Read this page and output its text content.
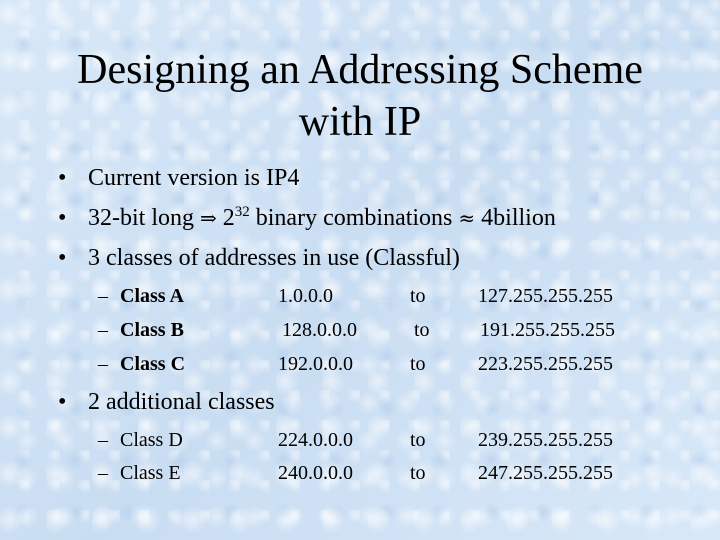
Designing an Addressing Scheme
with IP
• Current version is IP4
• 32-bit long ⇒ $2^{32}$ binary combinations ≈ 4billion
• 3 classes of addresses in use (Classful)
– Class A	1.0.0.0	to	127.255.255.255
– Class B	128.0.0.0	to	191.255.255.255
– Class C	192.0.0.0	to	223.255.255.255
• 2 additional classes
– Class D	224.0.0.0	to	239.255.255.255
– Class E	240.0.0.0	to	247.255.255.255
